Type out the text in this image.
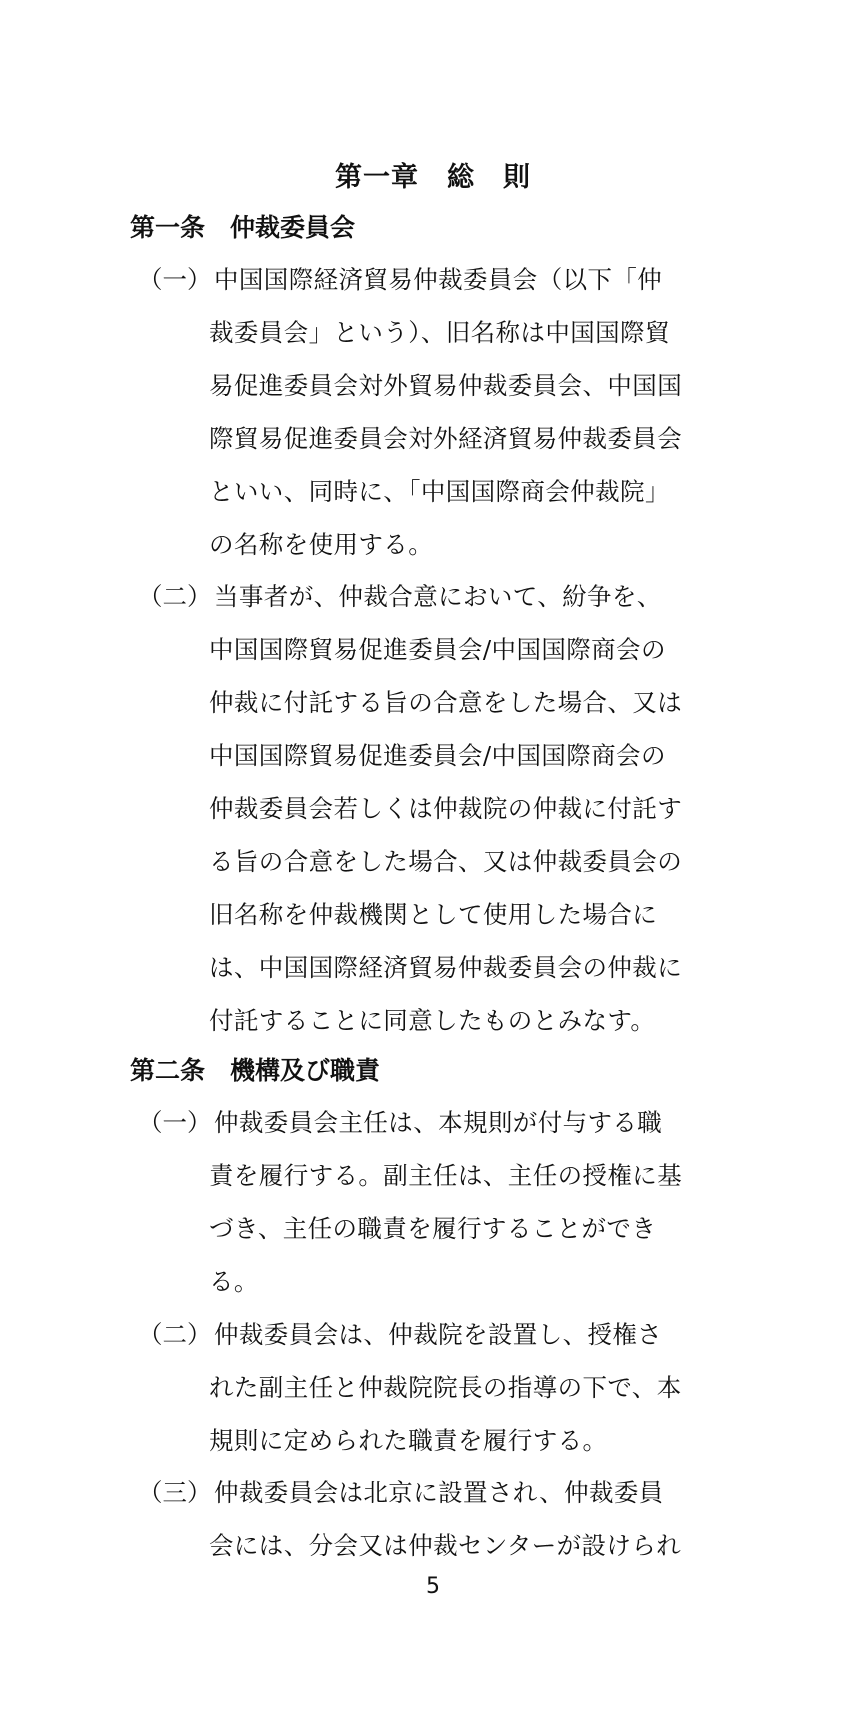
第一章　総　則
第一条　仲裁委員会
（一） 中国国際経済貿易仲裁委員会（以下「仲
裁委員会」という）、旧名称は中国国際貿
易促進委員会対外貿易仲裁委員会、中国国
際貿易促進委員会対外経済貿易仲裁委員会
といい、同時に、「中国国際商会仲裁院」
の名称を使用する。
（二） 当事者が、仲裁合意において、紛争を、
中国国際貿易促進委員会/中国国際商会の
仲裁に付託する旨の合意をした場合、又は
中国国際貿易促進委員会/中国国際商会の
仲裁委員会若しくは仲裁院の仲裁に付託す
る旨の合意をした場合、又は仲裁委員会の
旧名称を仲裁機関として使用した場合に
は、中国国際経済貿易仲裁委員会の仲裁に
付託することに同意したものとみなす。
第二条　機構及び職責
（一） 仲裁委員会主任は、本規則が付与する職
責を履行する。副主任は、主任の授権に基
づき、主任の職責を履行することができ
る。
（二） 仲裁委員会は、仲裁院を設置し、授権さ
れた副主任と仲裁院院長の指導の下で、本
規則に定められた職責を履行する。
（三） 仲裁委員会は北京に設置され、仲裁委員
会には、分会又は仲裁センターが設けられ
5
